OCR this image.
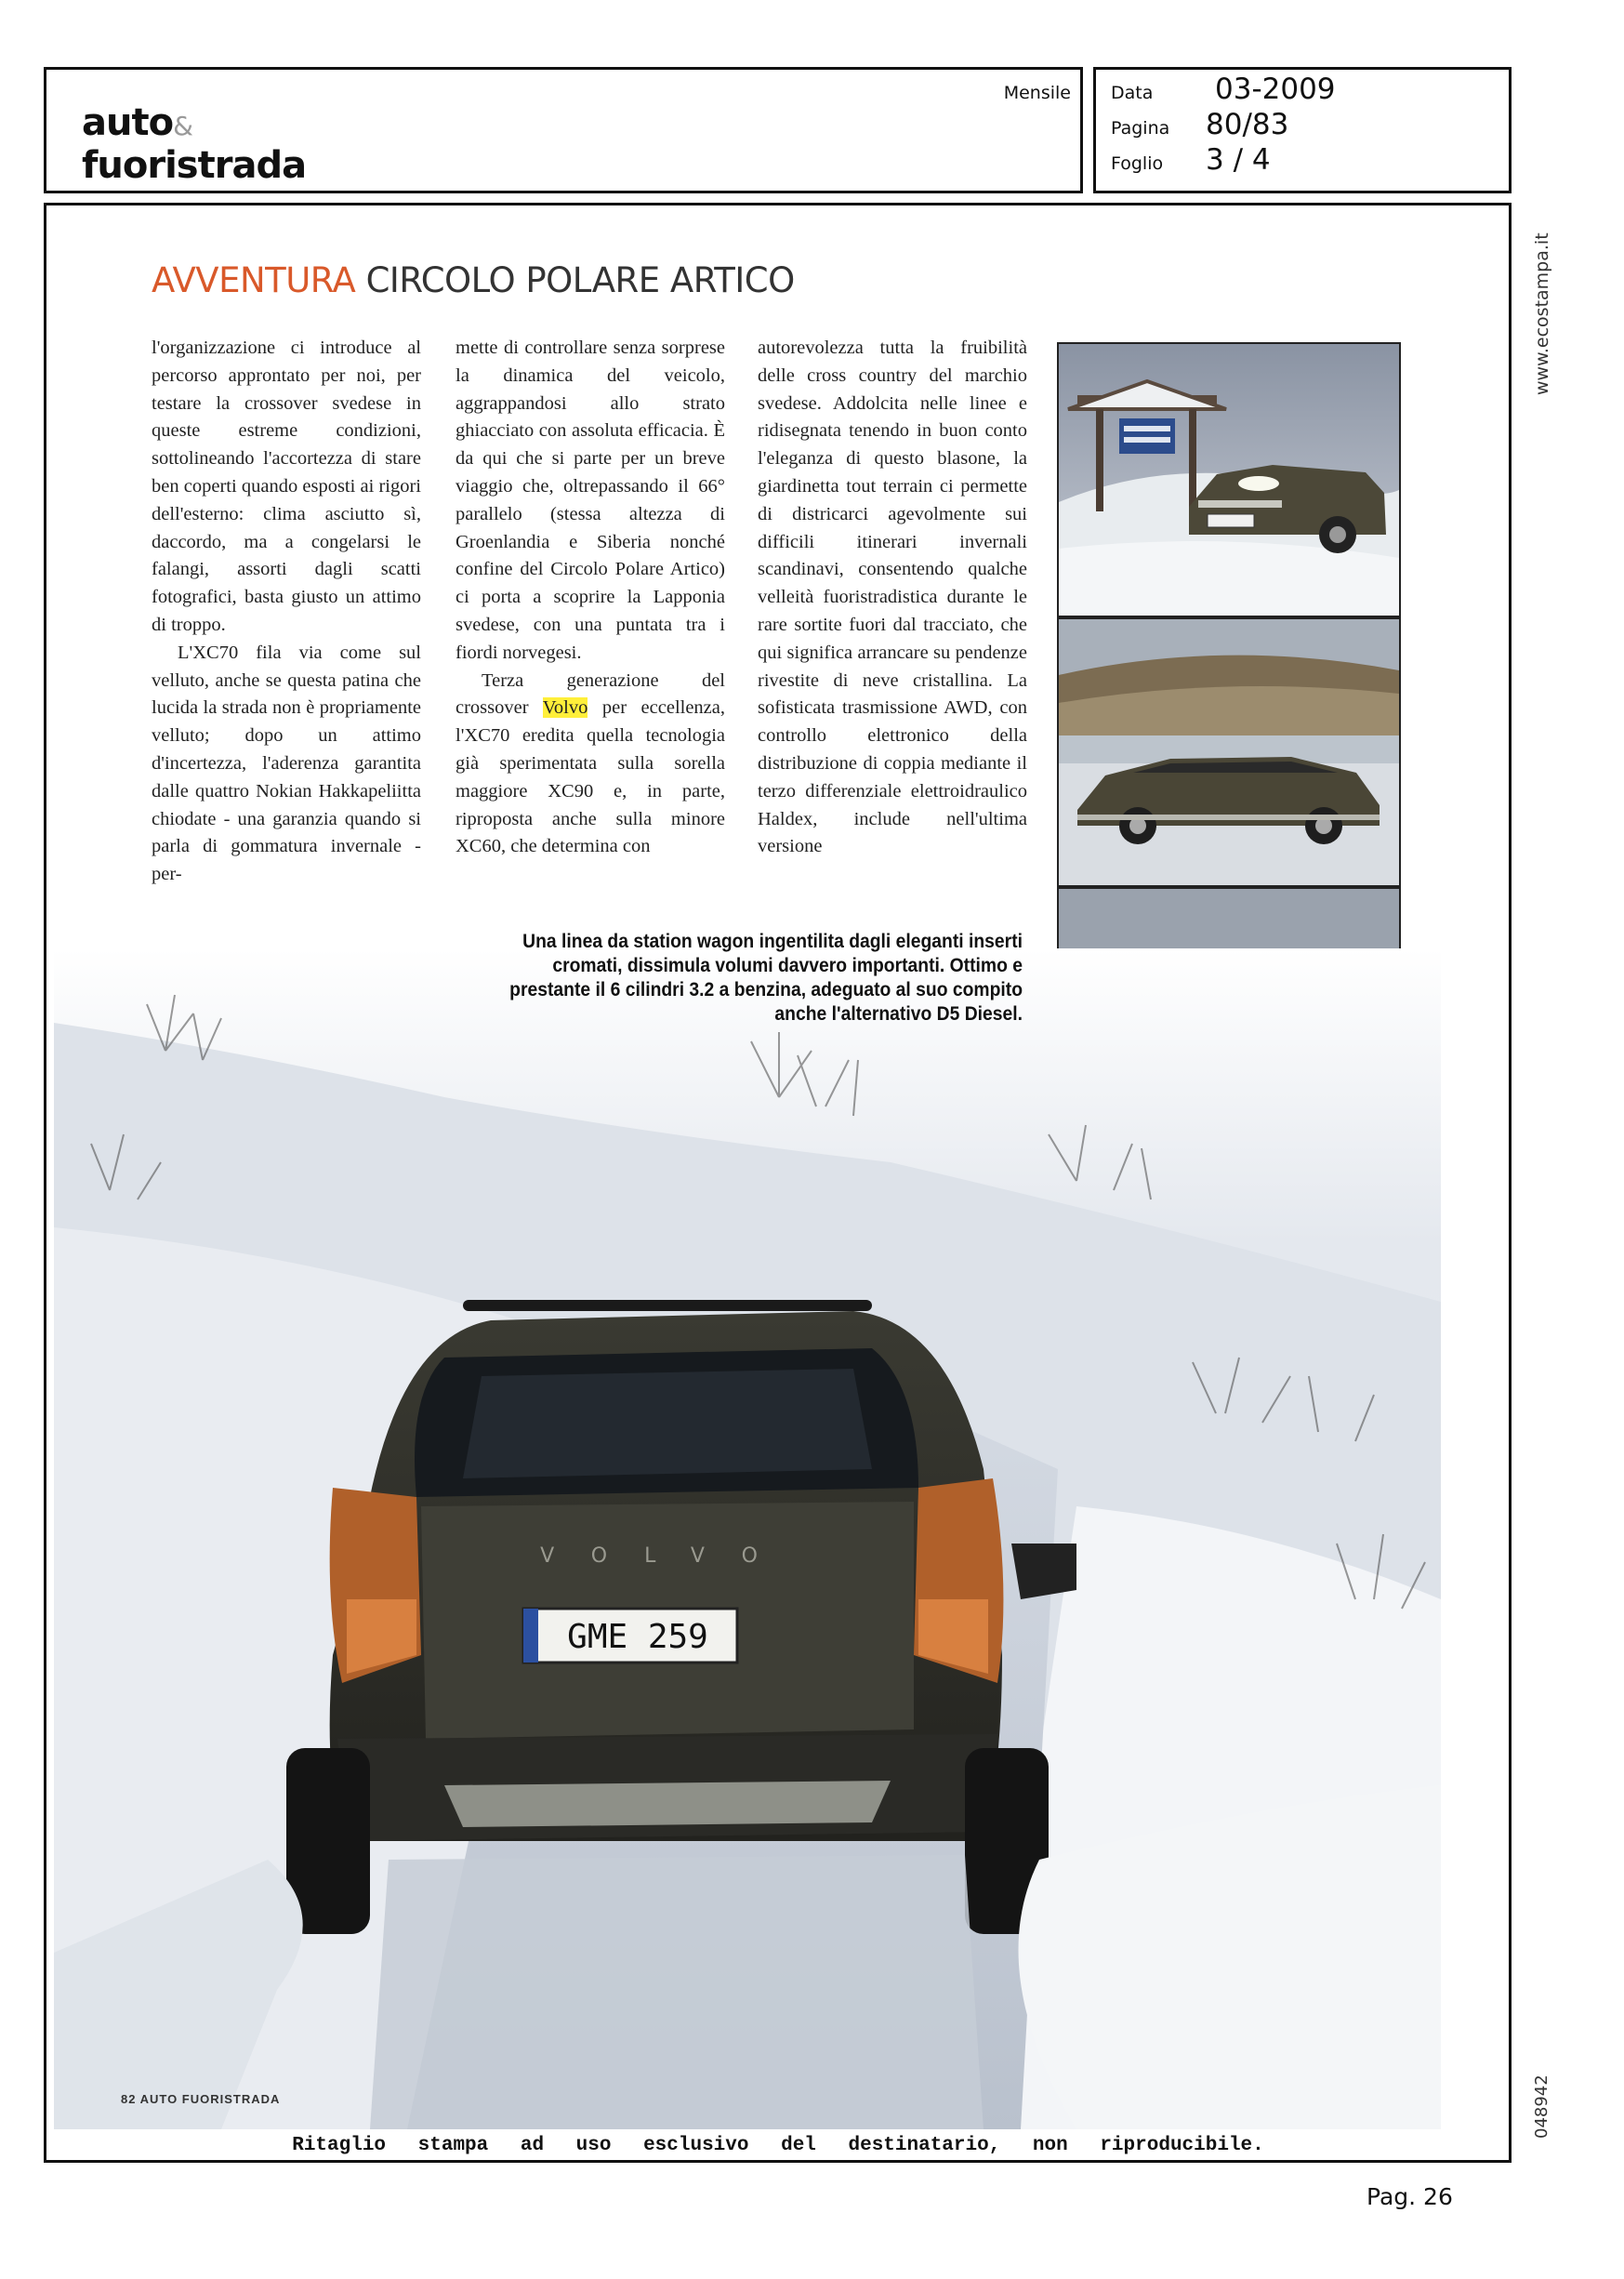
auto&
fuoristrada
Mensile Data 03-2009
Pagina 80/83
Foglio 3 / 4
www.ecostampa.it
048942
AVVENTURA CIRCOLO POLARE ARTICO

l'organizzazione ci introduce al percorso approntato per noi, per testare la crossover svedese in queste estreme condizioni, sottolineando l'accortezza di stare ben coperti quando esposti ai rigori dell'esterno: clima asciutto sì, daccordo, ma a congelarsi le falangi, assorti dagli scatti fotografici, basta giusto un attimo di troppo.

L'XC70 fila via come sul velluto, anche se questa patina che lucida la strada non è propriamente velluto; dopo un attimo d'incertezza, l'aderenza garantita dalle quattro Nokian Hakkapeliitta chiodate - una garanzia quando si parla di gommatura invernale - per-

mette di controllare senza sorprese la dinamica del veicolo, aggrappandosi allo strato ghiacciato con assoluta efficacia. È da qui che si parte per un breve viaggio che, oltrepassando il 66° parallelo (stessa altezza di Groenlandia e Siberia nonché confine del Circolo Polare Artico) ci porta a scoprire la Lapponia svedese, con una puntata tra i fiordi norvegesi.

Terza generazione del crossover Volvo per eccellenza, l'XC70 eredita quella tecnologia già sperimentata sulla sorella maggiore XC90 e, in parte, riproposta anche sulla minore XC60, che determina con

autorevolezza tutta la fruibilità delle cross country del marchio svedese. Addolcita nelle linee e ridisegnata tenendo in buon conto l'eleganza di questo blasone, la giardinetta tout terrain ci permette di districarci agevolmente sui difficili itinerari invernali scandinavi, consentendo qualche velleità fuoristradistica durante le rare sortite fuori dal tracciato, che qui significa arrancare su pendenze rivestite di neve cristallina. La sofisticata trasmissione AWD, con controllo elettronico della distribuzione di coppia mediante il terzo differenziale elettroidraulico Haldex, include nell'ultima versione

GME 259
VOLVO
82 AUTO FUORISTRADA
Una linea da station wagon ingentilita dagli eleganti inserti cromati, dissimula volumi davvero importanti. Ottimo e prestante il 6 cilindri 3.2 a benzina, adeguato al suo compito anche l'alternativo D5 Diesel.
Ritaglio stampa ad uso esclusivo del destinatario, non riproducibile.
Pag. 26
